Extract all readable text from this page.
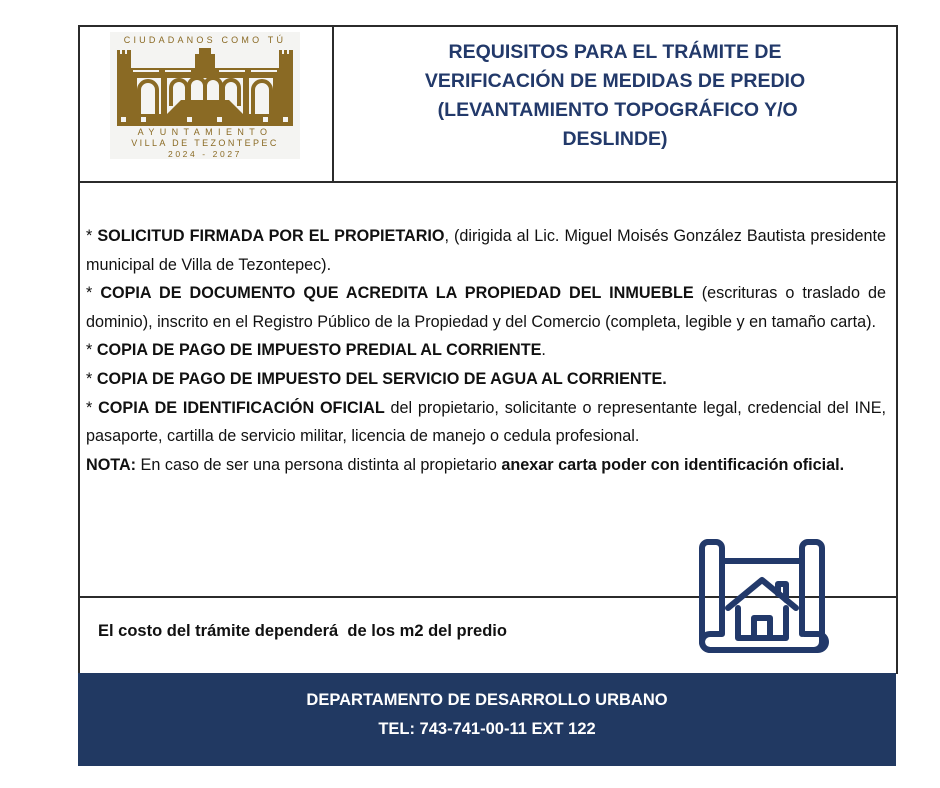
CIUDADANOS COMO TÚ
AYUNTAMIENTO
VILLA DE TEZONTEPEC
2024 - 2027
REQUISITOS PARA EL TRÁMITE DE
VERIFICACIÓN DE MEDIDAS DE PREDIO
(LEVANTAMIENTO TOPOGRÁFICO Y/O
DESLINDE)

* SOLICITUD FIRMADA POR EL PROPIETARIO, (dirigida al Lic. Miguel Moisés González Bautista presidente municipal de Villa de Tezontepec).

* COPIA DE DOCUMENTO QUE ACREDITA LA PROPIEDAD DEL INMUEBLE (escrituras o traslado de dominio), inscrito en el Registro Público de la Propiedad y del Comercio (completa, legible y en tamaño carta).

* COPIA DE PAGO DE IMPUESTO PREDIAL AL CORRIENTE.

* COPIA DE PAGO DE IMPUESTO DEL SERVICIO DE AGUA AL CORRIENTE.

* COPIA DE IDENTIFICACIÓN OFICIAL del propietario, solicitante o representante legal, credencial del INE, pasaporte, cartilla de servicio militar, licencia de manejo o cedula profesional.

NOTA: En caso de ser una persona distinta al propietario anexar carta poder con identificación oficial.

El costo del trámite dependerá  de los m2 del predio
DEPARTAMENTO DE DESARROLLO URBANO
TEL: 743-741-00-11 EXT 122
